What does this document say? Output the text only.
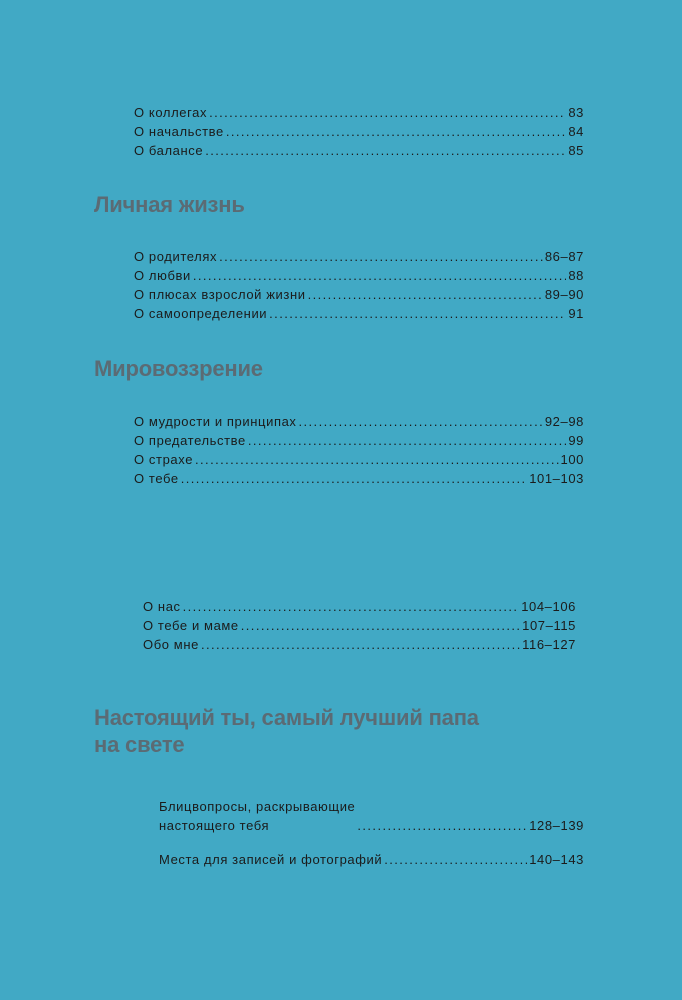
О коллегах .....	83
О начальстве .....	84
О балансе .....	85
Личная жизнь
О родителях .....	86–87
О любви .....	88
О плюсах взрослой жизни .....	89–90
О самоопределении .....	91
Мировоззрение
О мудрости и принципах .....	92–98
О предательстве .....	99
О страхе .....	100
О тебе .....	101–103
О нас .....	104–106
О тебе и маме .....	107–115
Обо мне .....	116–127
Настоящий ты, самый лучший папа
на свете
Блицвопросы, раскрывающие
настоящего тебя .....	128–139
Места для записей и фотографий .....	140–143
